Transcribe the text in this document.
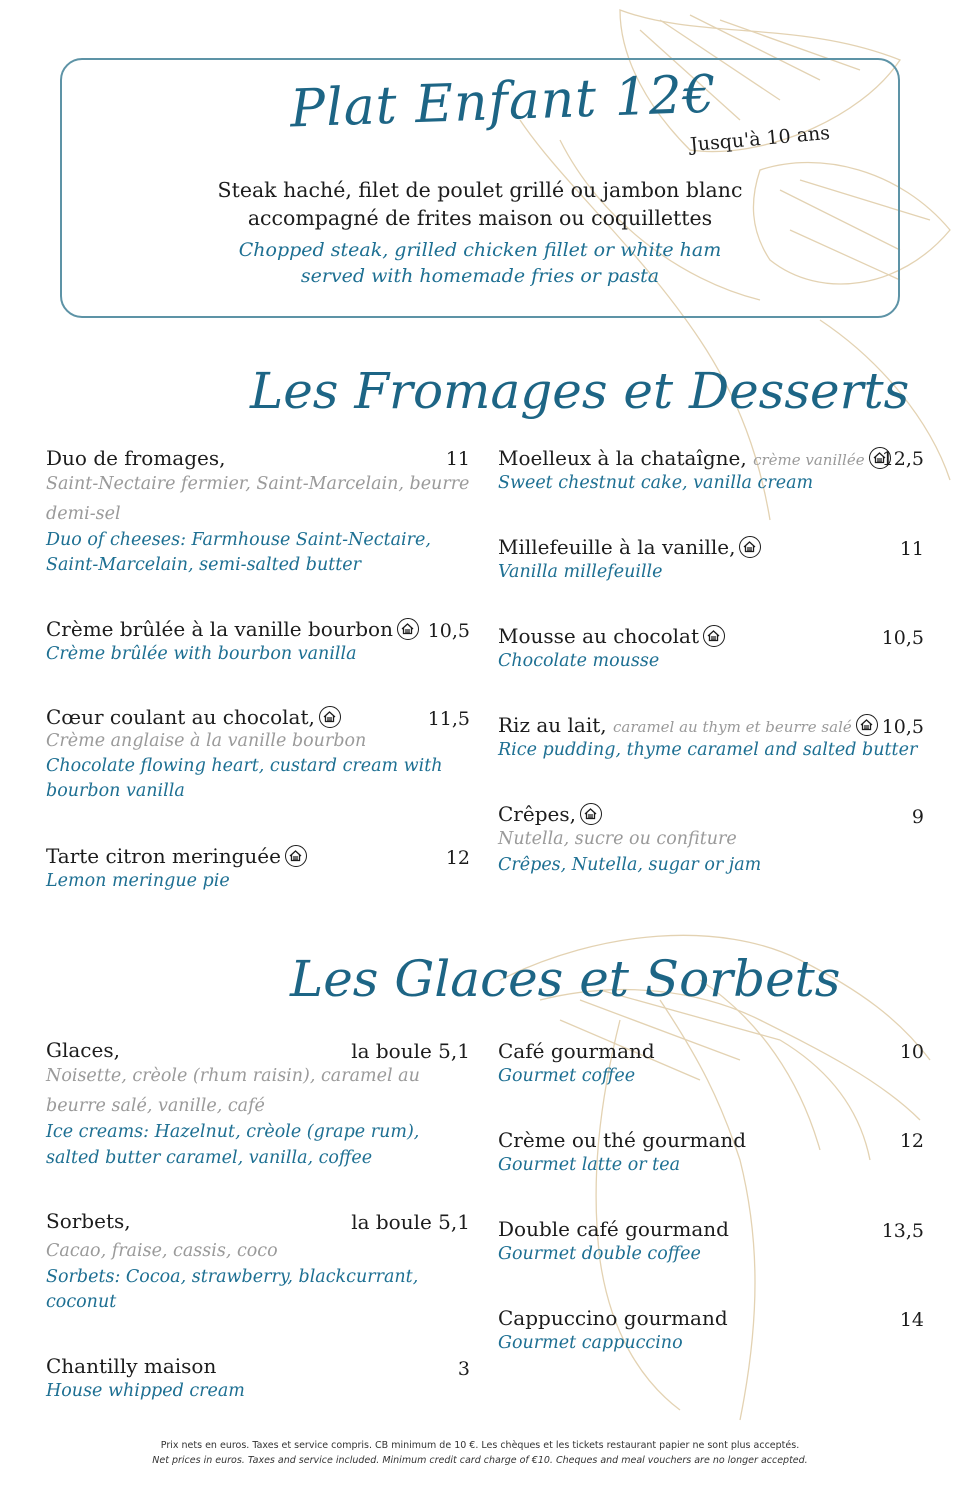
Plat Enfant 12€
Jusqu'à 10 ans
Steak haché, filet de poulet grillé ou jambon blanc
accompagné de frites maison ou coquillettes
Chopped steak, grilled chicken fillet or white ham
served with homemade fries or pasta
Les Fromages et Desserts
Duo de fromages,	11
Saint-Nectaire fermier, Saint-Marcelain, beurre
demi-sel
Duo of cheeses: Farmhouse Saint-Nectaire,
Saint-Marcelain, semi-salted butter
Crème brûlée à la vanille bourbon	10,5
Crème brûlée with bourbon vanilla
Cœur coulant au chocolat,	11,5
Crème anglaise à la vanille bourbon
Chocolate flowing heart, custard cream with
bourbon vanilla
Tarte citron meringuée	12
Lemon meringue pie
Moelleux à la chataîgne, crème vanillée 12,5
Sweet chestnut cake, vanilla cream
Millefeuille à la vanille,	11
Vanilla millefeuille
Mousse au chocolat	10,5
Chocolate mousse
Riz au lait, caramel au thym et beurre salé	10,5
Rice pudding, thyme caramel and salted butter
Crêpes,	9
Nutella, sucre ou confiture
Crêpes, Nutella, sugar or jam
Les Glaces et Sorbets
Glaces,	la boule 5,1
Noisette, crèole (rhum raisin), caramel au
beurre salé, vanille, café
Ice creams: Hazelnut, crèole (grape rum),
salted butter caramel, vanilla, coffee
Sorbets,	la boule 5,1
Cacao, fraise, cassis, coco
Sorbets: Cocoa, strawberry, blackcurrant,
coconut
Chantilly maison	3
House whipped cream
Café gourmand	10
Gourmet coffee
Crème ou thé gourmand	12
Gourmet latte or tea
Double café gourmand	13,5
Gourmet double coffee
Cappuccino gourmand	14
Gourmet cappuccino
Prix nets en euros. Taxes et service compris. CB minimum de 10 €. Les chèques et les tickets restaurant papier ne sont plus acceptés.
Net prices in euros. Taxes and service included. Minimum credit card charge of €10. Cheques and meal vouchers are no longer accepted.
